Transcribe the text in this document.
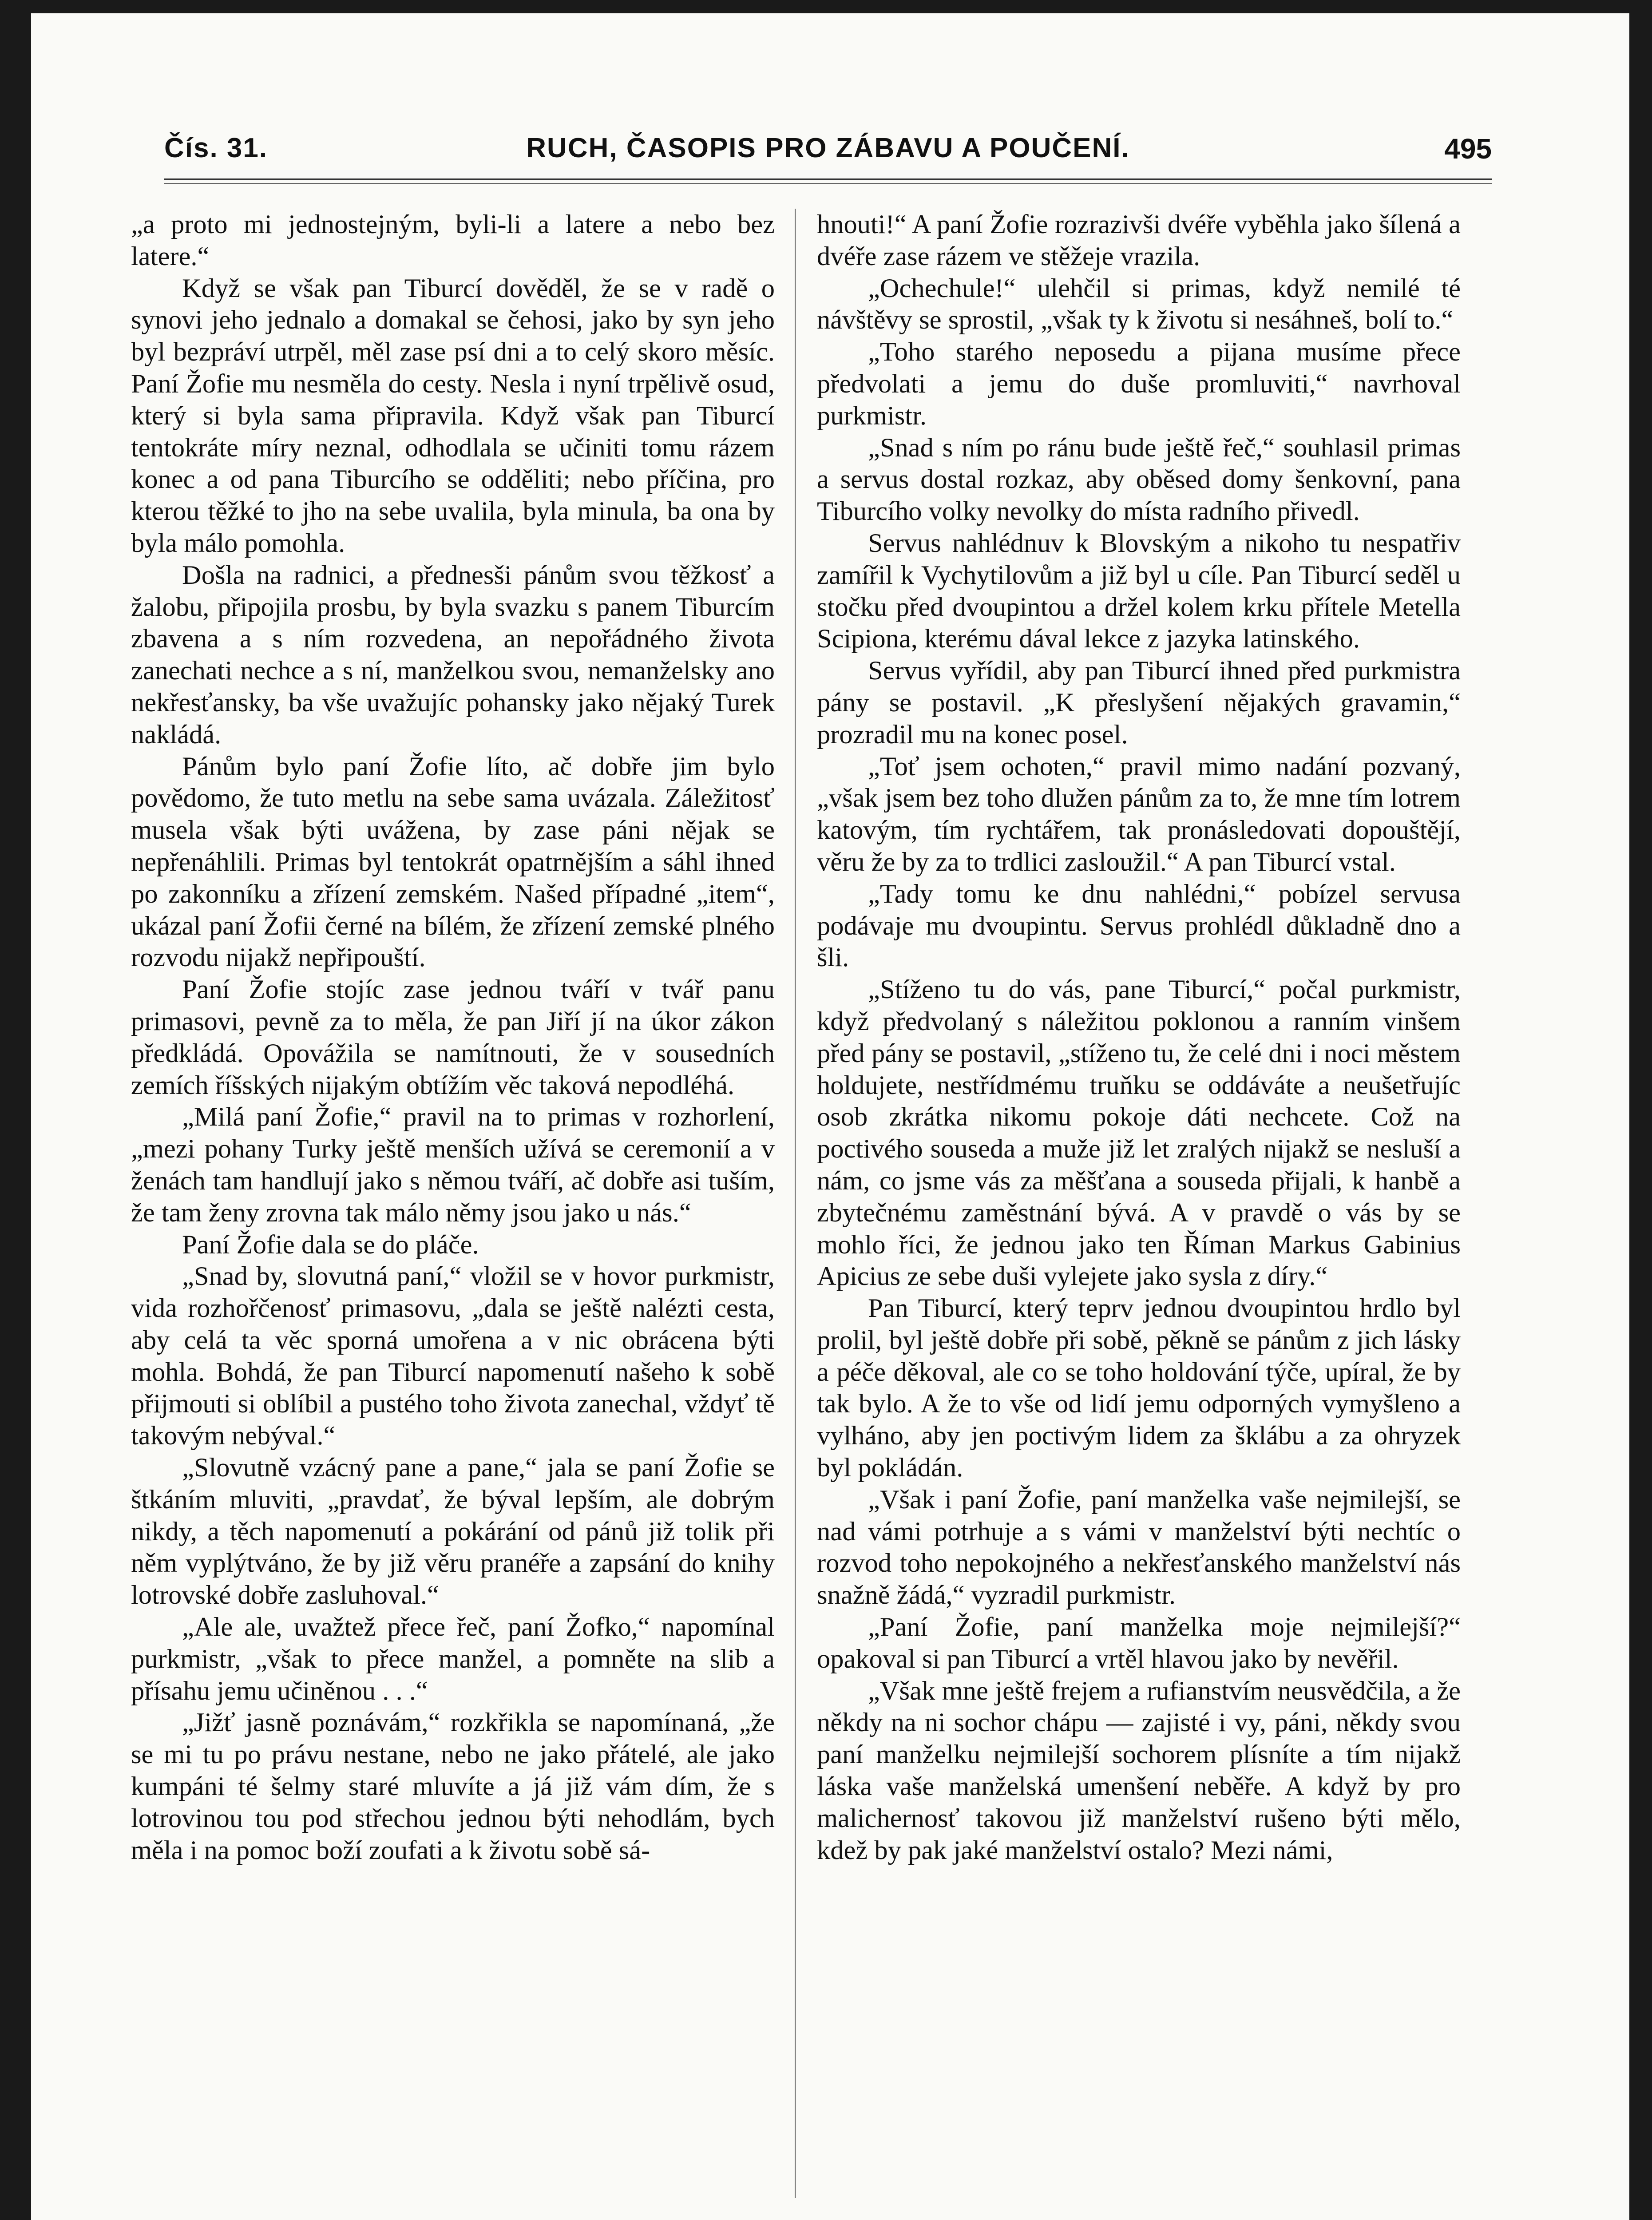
Čís. 31.	RUCH, ČASOPIS PRO ZÁBAVU A POUČENÍ.	495

„a proto mi jednostejným, byli-li a latere a nebo bez latere.“

Když se však pan Tiburcí dověděl, že se v radě o synovi jeho jednalo a domakal se čehosi, jako by syn jeho byl bezpráví utrpěl, měl zase psí dni a to celý skoro měsíc. Paní Žofie mu nesměla do cesty. Nesla i nyní trpělivě osud, který si byla sama připravila. Když však pan Tiburcí tentokráte míry neznal, odhodlala se učiniti tomu rázem konec a od pana Tiburcího se odděliti; nebo příčina, pro kterou těžké to jho na sebe uvalila, byla minula, ba ona by byla málo pomohla.

Došla na radnici, a přednesši pánům svou těžkosť a žalobu, připojila prosbu, by byla svazku s panem Tiburcím zbavena a s ním rozvedena, an nepořádného života zanechati nechce a s ní, manželkou svou, nemanželsky ano nekřesťansky, ba vše uvažujíc pohansky jako nějaký Turek nakládá.

Pánům bylo paní Žofie líto, ač dobře jim bylo povědomo, že tuto metlu na sebe sama uvázala. Záležitosť musela však býti uvážena, by zase páni nějak se nepřenáhlili. Primas byl tentokrát opatrnějším a sáhl ihned po zakonníku a zřízení zemském. Našed případné „item“, ukázal paní Žofii černé na bílém, že zřízení zemské plného rozvodu nijakž nepřipouští.

Paní Žofie stojíc zase jednou tváří v tvář panu primasovi, pevně za to měla, že pan Jiří jí na úkor zákon předkládá. Opovážila se namítnouti, že v sousedních zemích říšských nijakým obtížím věc taková nepodléhá.

„Milá paní Žofie,“ pravil na to primas v rozhorlení, „mezi pohany Turky ještě menších užívá se ceremonií a v ženách tam handlují jako s němou tváří, ač dobře asi tuším, že tam ženy zrovna tak málo němy jsou jako u nás.“

Paní Žofie dala se do pláče.

„Snad by, slovutná paní,“ vložil se v hovor purkmistr, vida rozhořčenosť primasovu, „dala se ještě nalézti cesta, aby celá ta věc sporná umořena a v nic obrácena býti mohla. Bohdá, že pan Tiburcí napomenutí našeho k sobě přijmouti si oblíbil a pustého toho života zanechal, vždyť tě takovým nebýval.“

„Slovutně vzácný pane a pane,“ jala se paní Žofie se štkáním mluviti, „pravdať, že býval lepším, ale dobrým nikdy, a těch napomenutí a pokárání od pánů již tolik při něm vyplýtváno, že by již věru pranéře a zapsání do knihy lotrovské dobře zasluhoval.“

„Ale ale, uvažtež přece řeč, paní Žofko,“ napomínal purkmistr, „však to přece manžel, a pomněte na slib a přísahu jemu učiněnou . . .“

„Jižť jasně poznávám,“ rozkřikla se napomínaná, „že se mi tu po právu nestane, nebo ne jako přátelé, ale jako kumpáni té šelmy staré mluvíte a já již vám dím, že s lotrovinou tou pod střechou jednou býti nehodlám, bych měla i na pomoc boží zoufati a k životu sobě sá-

hnouti!“ A paní Žofie rozrazivši dvéře vyběhla jako šílená a dvéře zase rázem ve stěžeje vrazila.

„Ochechule!“ ulehčil si primas, když nemilé té návštěvy se sprostil, „však ty k životu si nesáhneš, bolí to.“

„Toho starého neposedu a pijana musíme přece předvolati a jemu do duše promluviti,“ navrhoval purkmistr.

„Snad s ním po ránu bude ještě řeč,“ souhlasil primas a servus dostal rozkaz, aby oběsed domy šenkovní, pana Tiburcího volky nevolky do místa radního přivedl.

Servus nahlédnuv k Blovským a nikoho tu nespatřiv zamířil k Vychytilovům a již byl u cíle. Pan Tiburcí seděl u stočku před dvoupintou a držel kolem krku přítele Metella Scipiona, kterému dával lekce z jazyka latinského.

Servus vyřídil, aby pan Tiburcí ihned před purkmistra pány se postavil. „K přeslyšení nějakých gravamin,“ prozradil mu na konec posel.

„Toť jsem ochoten,“ pravil mimo nadání pozvaný, „však jsem bez toho dlužen pánům za to, že mne tím lotrem katovým, tím rychtářem, tak pronásledovati dopouštějí, věru že by za to trdlici zasloužil.“ A pan Tiburcí vstal.

„Tady tomu ke dnu nahlédni,“ pobízel servusa podávaje mu dvoupintu. Servus prohlédl důkladně dno a šli.

„Stíženo tu do vás, pane Tiburcí,“ počal purkmistr, když předvolaný s náležitou poklonou a ranním vinšem před pány se postavil, „stíženo tu, že celé dni i noci městem holdujete, nestřídmému truňku se oddáváte a neušetřujíc osob zkrátka nikomu pokoje dáti nechcete. Což na poctivého souseda a muže již let zralých nijakž se nesluší a nám, co jsme vás za měšťana a souseda přijali, k hanbě a zbytečnému zaměstnání bývá. A v pravdě o vás by se mohlo říci, že jednou jako ten Říman Markus Gabinius Apicius ze sebe duši vylejete jako sysla z díry.“

Pan Tiburcí, který teprv jednou dvoupintou hrdlo byl prolil, byl ještě dobře při sobě, pěkně se pánům z jich lásky a péče děkoval, ale co se toho holdování týče, upíral, že by tak bylo. A že to vše od lidí jemu odporných vymyšleno a vylháno, aby jen poctivým lidem za šklábu a za ohryzek byl pokládán.

„Však i paní Žofie, paní manželka vaše nejmilejší, se nad vámi potrhuje a s vámi v manželství býti nechtíc o rozvod toho nepokojného a nekřesťanského manželství nás snažně žádá,“ vyzradil purkmistr.

„Paní Žofie, paní manželka moje nejmilejší?“ opakoval si pan Tiburcí a vrtěl hlavou jako by nevěřil.

„Však mne ještě frejem a rufianstvím neusvědčila, a že někdy na ni sochor chápu — zajisté i vy, páni, někdy svou paní manželku nejmilejší sochorem plísníte a tím nijakž láska vaše manželská umenšení neběře. A když by pro malichernosť takovou již manželství rušeno býti mělo, kdež by pak jaké manželství ostalo? Mezi námi,
